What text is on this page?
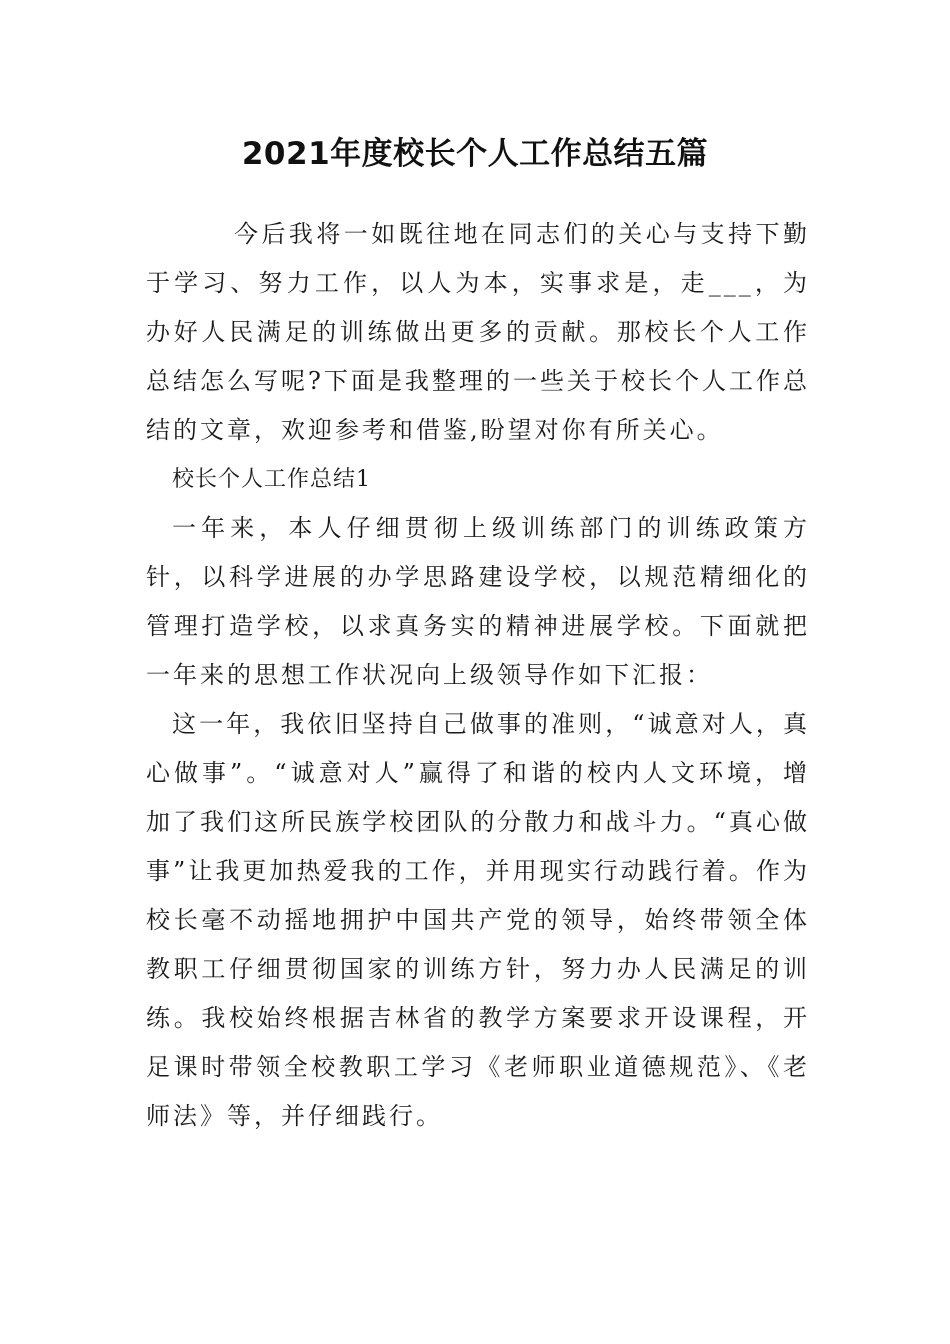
2021年度校长个人工作总结五篇

今后我将一如既往地在同志们的关心与支持下勤于学习、努力工作，以人为本，实事求是，走___，为办好人民满足的训练做出更多的贡献。那校长个人工作总结怎么写呢?下面是我整理的一些关于校长个人工作总结的文章，欢迎参考和借鉴,盼望对你有所关心。

校长个人工作总结1

一年来，本人仔细贯彻上级训练部门的训练政策方针，以科学进展的办学思路建设学校，以规范精细化的管理打造学校，以求真务实的精神进展学校。下面就把一年来的思想工作状况向上级领导作如下汇报：

这一年，我依旧坚持自己做事的准则，“诚意对人，真心做事”。“诚意对人”赢得了和谐的校内人文环境，增加了我们这所民族学校团队的分散力和战斗力。“真心做事”让我更加热爱我的工作，并用现实行动践行着。作为校长毫不动摇地拥护中国共产党的领导，始终带领全体教职工仔细贯彻国家的训练方针，努力办人民满足的训练。我校始终根据吉林省的教学方案要求开设课程，开足课时带领全校教职工学习《老师职业道德规范》、《老师法》等，并仔细践行。
